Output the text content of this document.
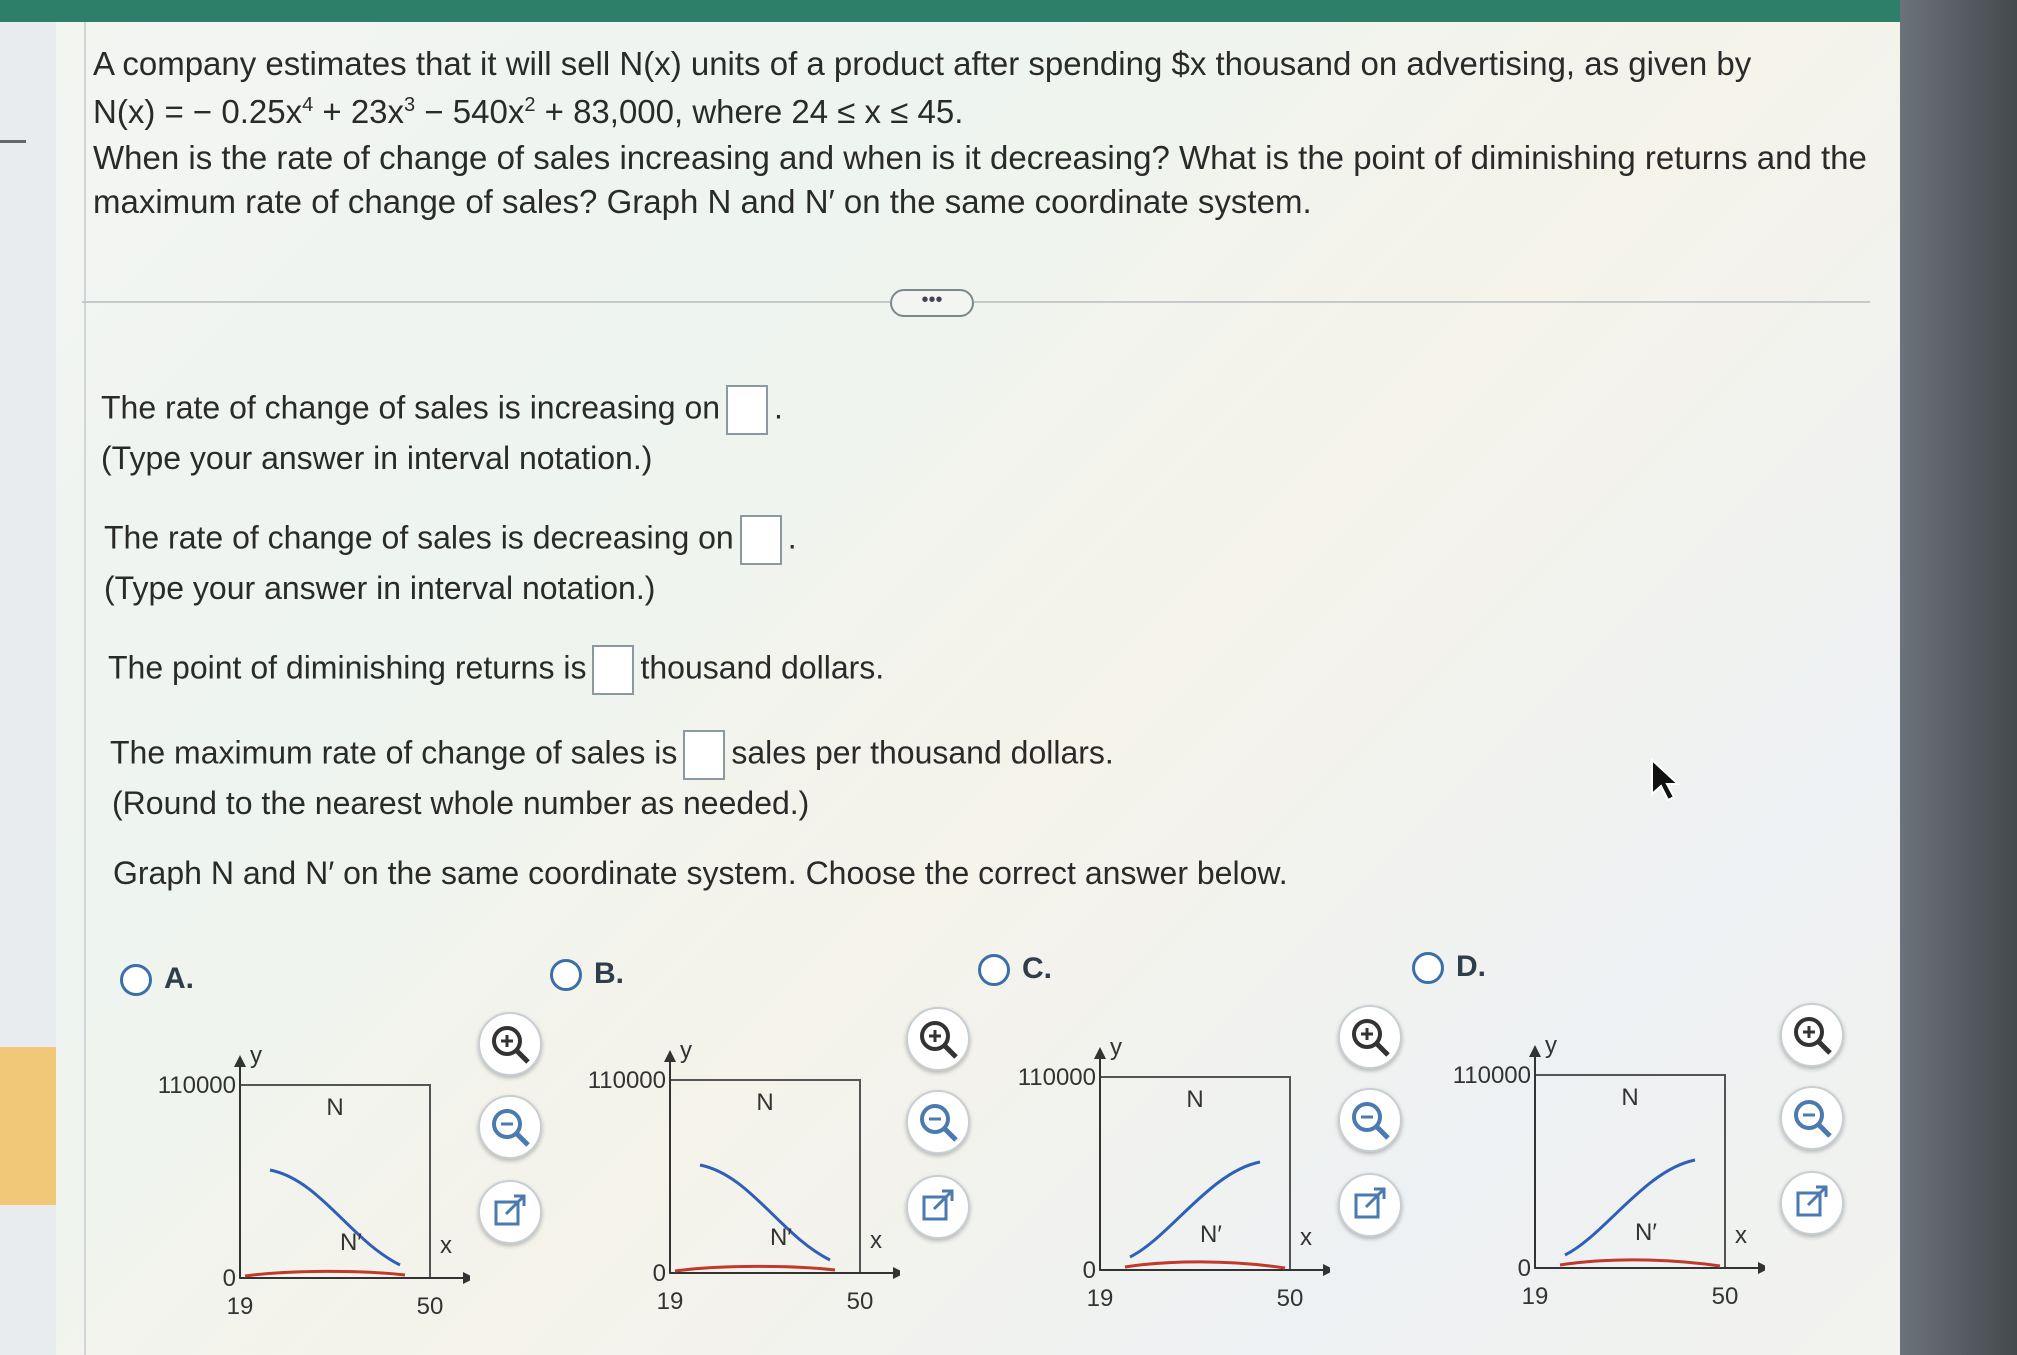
A company estimates that it will sell N(x) units of a product after spending $x thousand on advertising, as given by

N(x) = − $0.25x^4 + 23x^3 - 540x^2 + 83,000$, where 24 ≤ x ≤ 45.

When is the rate of change of sales increasing and when is it decreasing? What is the point of diminishing returns and the maximum rate of change of sales? Graph N and N′ on the same coordinate system.

•••
The rate of change of sales is increasing on .
(Type your answer in interval notation.)
The rate of change of sales is decreasing on .
(Type your answer in interval notation.)
The point of diminishing returns is thousand dollars.
The maximum rate of change of sales is sales per thousand dollars.
(Round to the nearest whole number as needed.)
Graph N and N′ on the same coordinate system. Choose the correct answer below.
A.	B.	C.	D.
y
x
110000
0
19	50
N
N′
y
x
110000
0
19	50
N
N′
y
x
110000
0
19	50
N
N′
y
x
110000
0
19	50
N
N′
